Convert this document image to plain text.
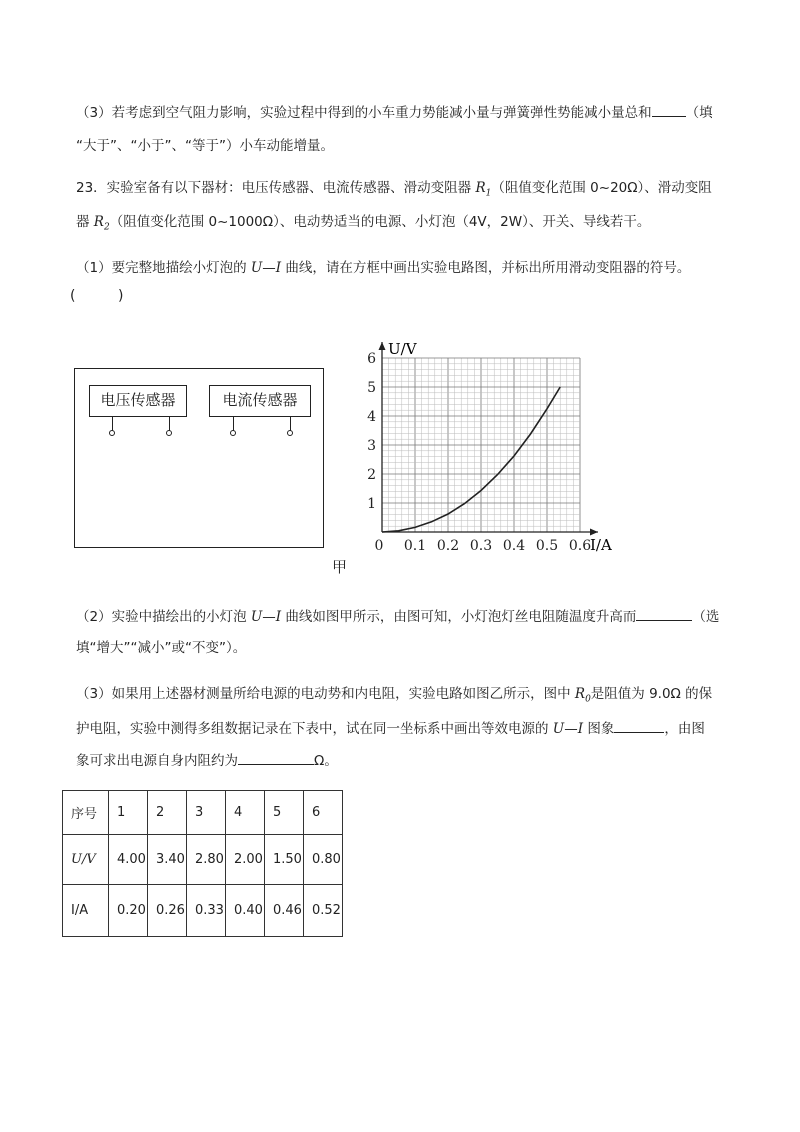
（3）若考虑到空气阻力影响，实验过程中得到的小车重力势能减小量与弹簧弹性势能减小量总和	（填
“大于”、“小于”、“等于”）小车动能增量。
23．实验室备有以下器材：电压传感器、电流传感器、滑动变阻器 $R_1$（阻值变化范围 0~20Ω）、滑动变阻
器 $R_2$（阻值变化范围 0~1000Ω）、电动势适当的电源、小灯泡（4V，2W）、开关、导线若干。
（1）要完整地描绘小灯泡的 U—I 曲线，请在方框中画出实验电路图，并标出所用滑动变阻器的符号。
(	)
电压传感器	电流传感器
0 0.1 0.2 0.3 0.4 0.5 0.6
1
2
3
4
5
6
U/V
I/A
甲
（2）实验中描绘出的小灯泡 U—I 曲线如图甲所示，由图可知，小灯泡灯丝电阻随温度升高而	（选
填“增大”“减小”或“不变”）。
（3）如果用上述器材测量所给电源的电动势和内电阻，实验电路如图乙所示，图中 $R_0$是阻值为 9.0Ω 的保
护电阻，实验中测得多组数据记录在下表中，试在同一坐标系中画出等效电源的 U—I 图象	，由图
象可求出电源自身内阻约为	Ω。
序号	1	2	3	4	5	6
U/V	4.00	3.40	2.80	2.00	1.50	0.80
I/A	0.20	0.26	0.33	0.40	0.46	0.52
